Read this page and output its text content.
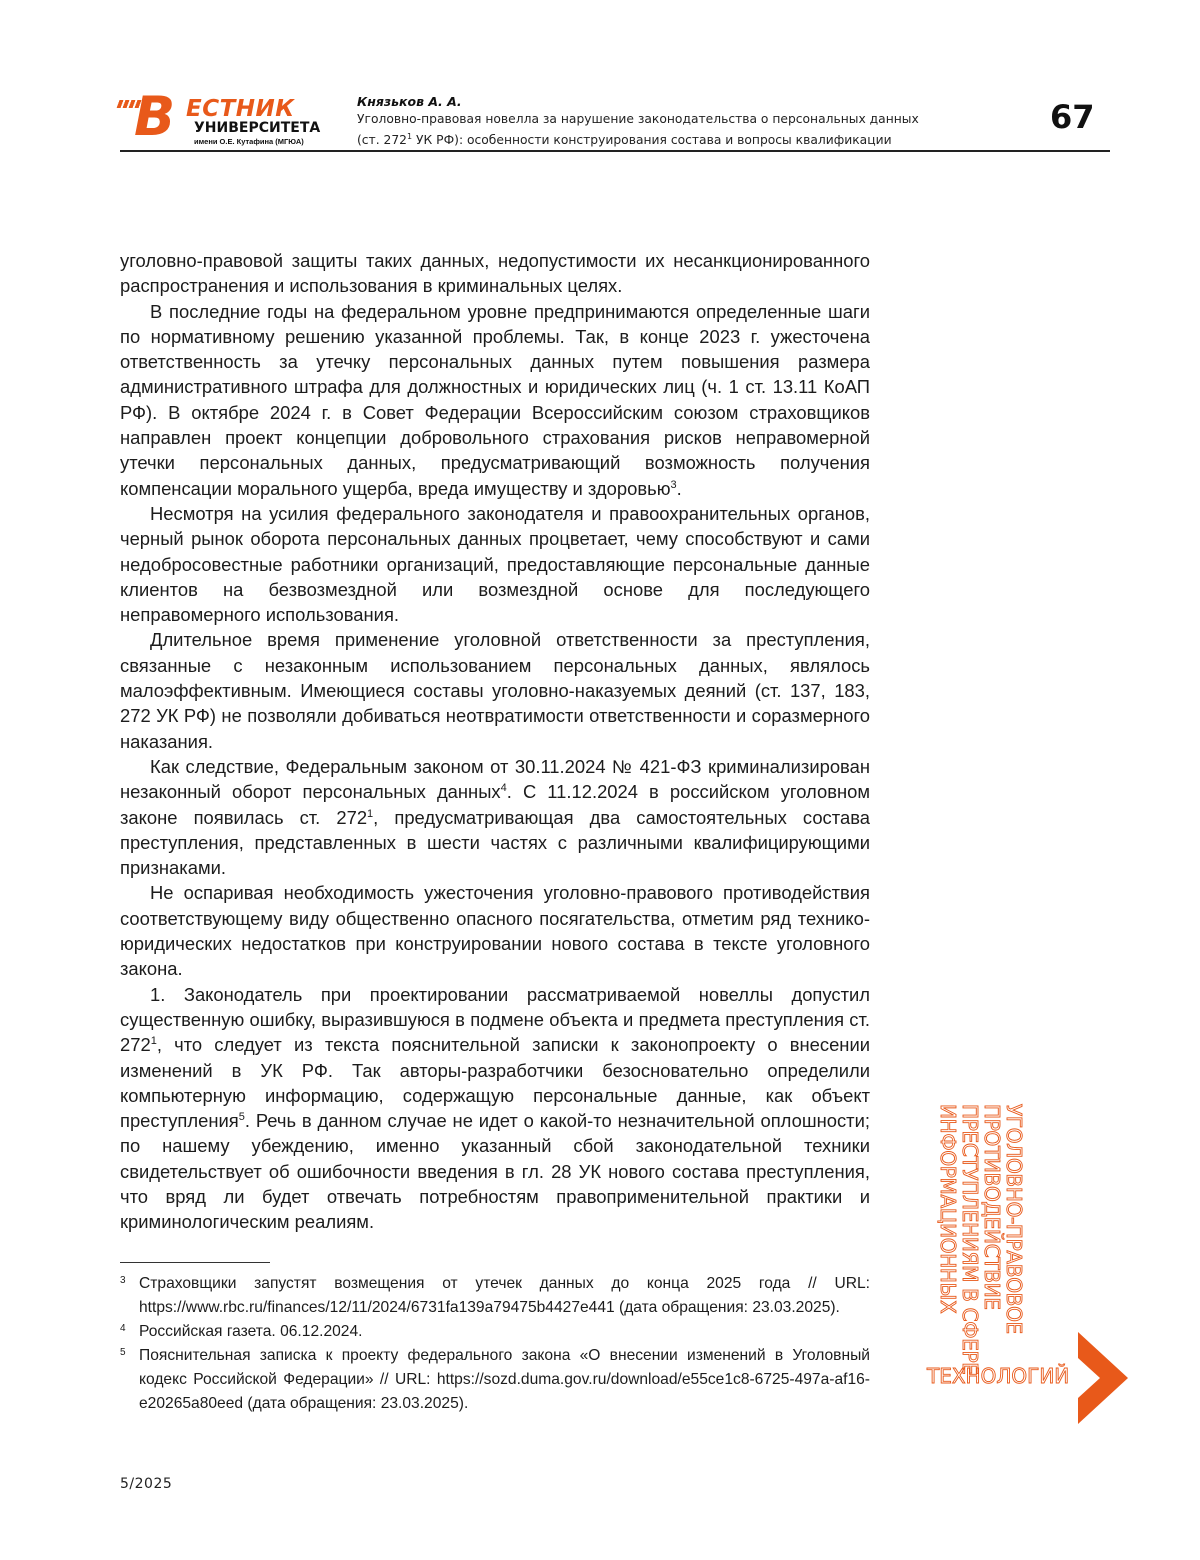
В ЕСТНИК
УНИВЕРСИТЕТА
имени О.Е. Кутафина (МГЮА)
Князьков А. А.
Уголовно-правовая новелла за нарушение законодательства о персональных данных
(ст. 2721 УК РФ): особенности конструирования состава и вопросы квалификации
67

уголовно-правовой защиты таких данных, недопустимости их несанкционированного распространения и использования в криминальных целях.

В последние годы на федеральном уровне предпринимаются определенные шаги по нормативному решению указанной проблемы. Так, в конце 2023 г. ужесточена ответственность за утечку персональных данных путем повышения размера административного штрафа для должностных и юридических лиц (ч. 1 ст. 13.11 КоАП РФ). В октябре 2024 г. в Совет Федерации Всероссийским союзом страховщиков направлен проект концепции добровольного страхования рисков неправомерной утечки персональных данных, предусматривающий возможность получения компенсации морального ущерба, вреда имуществу и здоровью3.

Несмотря на усилия федерального законодателя и правоохранительных органов, черный рынок оборота персональных данных процветает, чему способствуют и сами недобросовестные работники организаций, предоставляющие персональные данные клиентов на безвозмездной или возмездной основе для последующего неправомерного использования.

Длительное время применение уголовной ответственности за преступления, связанные с незаконным использованием персональных данных, являлось малоэффективным. Имеющиеся составы уголовно-наказуемых деяний (ст. 137, 183, 272 УК РФ) не позволяли добиваться неотвратимости ответственности и соразмерного наказания.

Как следствие, Федеральным законом от 30.11.2024 № 421-ФЗ криминализирован незаконный оборот персональных данных4. С 11.12.2024 в российском уголовном законе появилась ст. 2721, предусматривающая два самостоятельных состава преступления, представленных в шести частях с различными квалифицирующими признаками.

Не оспаривая необходимость ужесточения уголовно-правового противодействия соответствующему виду общественно опасного посягательства, отметим ряд технико-юридических недостатков при конструировании нового состава в тексте уголовного закона.

1. Законодатель при проектировании рассматриваемой новеллы допустил существенную ошибку, выразившуюся в подмене объекта и предмета преступления ст. 2721, что следует из текста пояснительной записки к законопроекту о внесении изменений в УК РФ. Так авторы-разработчики безосновательно определили компьютерную информацию, содержащую персональные данные, как объект преступления5. Речь в данном случае не идет о какой-то незначительной оплошности; по нашему убеждению, именно указанный сбой законодательной техники свидетельствует об ошибочности введения в гл. 28 УК нового состава преступления, что вряд ли будет отвечать потребностям правоприменительной практики и криминологическим реалиям.

3 Страховщики запустят возмещения от утечек данных до конца 2025 года // URL: https://www.rbc.ru/finances/12/11/2024/6731fa139a79475b4427e441 (дата обращения: 23.03.2025).
4 Российская газета. 06.12.2024.
5 Пояснительная записка к проекту федерального закона «О внесении изменений в Уголовный кодекс Российской Федерации» // URL: https://sozd.duma.gov.ru/download/e55ce1c8-6725-497a-af16-e20265a80eed (дата обращения: 23.03.2025).
5/2025
УГОЛОВНО-ПРАВОВОЕ
ПРОТИВОДЕЙСТВИЕ
ПРЕСТУПЛЕНИЯМ В СФЕРЕ
ИНФОРМАЦИОННЫХ
ТЕХНОЛОГИЙ
